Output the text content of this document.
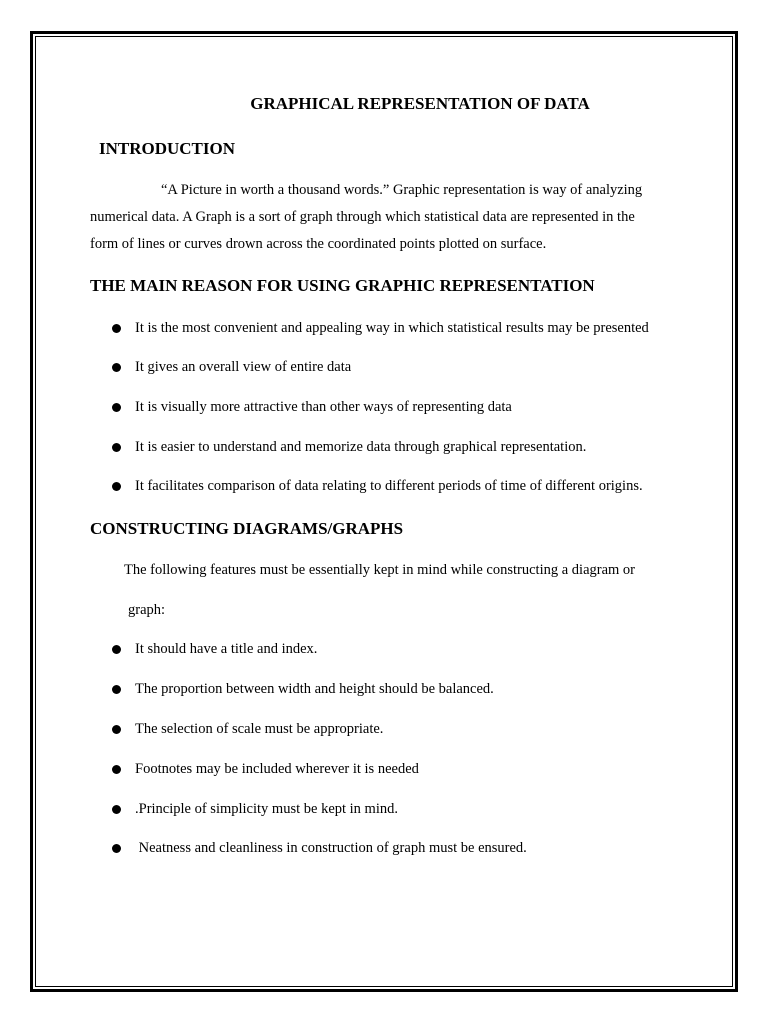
GRAPHICAL REPRESENTATION OF DATA
INTRODUCTION
“A Picture in worth a thousand words.” Graphic representation is way of analyzing
numerical data. A Graph is a sort of graph through which statistical data are represented in the
form of lines or curves drown across the coordinated points plotted on surface.
THE MAIN REASON FOR USING GRAPHIC REPRESENTATION
It is the most convenient and appealing way in which statistical results may be presented
It gives an overall view of entire data
It is visually more attractive than other ways of representing data
It is easier to understand and memorize data through graphical representation.
It facilitates comparison of data relating to different periods of time of different origins.
CONSTRUCTING DIAGRAMS/GRAPHS
The following features must be essentially kept in mind while constructing a diagram or
graph:
It should have a title and index.
The proportion between width and height should be balanced.
The selection of scale must be appropriate.
Footnotes may be included wherever it is needed
.Principle of simplicity must be kept in mind.
Neatness and cleanliness in construction of graph must be ensured.
